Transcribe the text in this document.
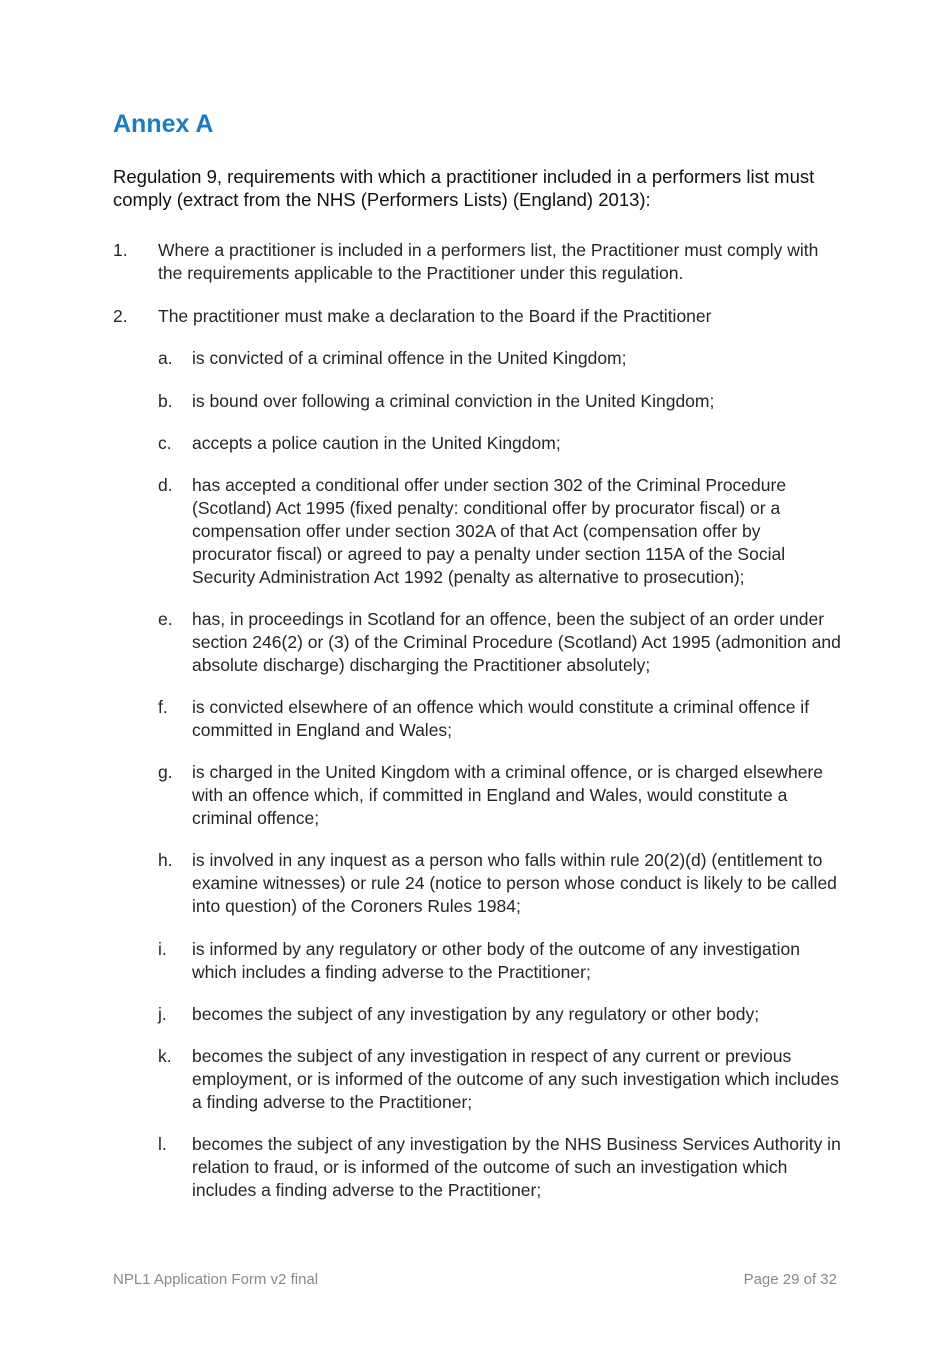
Annex A

Regulation 9, requirements with which a practitioner included in a performers list must comply (extract from the NHS (Performers Lists) (England) 2013):

1. Where a practitioner is included in a performers list, the Practitioner must comply with the requirements applicable to the Practitioner under this regulation.
2. The practitioner must make a declaration to the Board if the Practitioner
a. is convicted of a criminal offence in the United Kingdom;
b. is bound over following a criminal conviction in the United Kingdom;
c. accepts a police caution in the United Kingdom;
d. has accepted a conditional offer under section 302 of the Criminal Procedure (Scotland) Act 1995 (fixed penalty: conditional offer by procurator fiscal) or a compensation offer under section 302A of that Act (compensation offer by procurator fiscal) or agreed to pay a penalty under section 115A of the Social Security Administration Act 1992 (penalty as alternative to prosecution);
e. has, in proceedings in Scotland for an offence, been the subject of an order under section 246(2) or (3) of the Criminal Procedure (Scotland) Act 1995 (admonition and absolute discharge) discharging the Practitioner absolutely;
f. is convicted elsewhere of an offence which would constitute a criminal offence if committed in England and Wales;
g. is charged in the United Kingdom with a criminal offence, or is charged elsewhere with an offence which, if committed in England and Wales, would constitute a criminal offence;
h. is involved in any inquest as a person who falls within rule 20(2)(d) (entitlement to examine witnesses) or rule 24 (notice to person whose conduct is likely to be called into question) of the Coroners Rules 1984;
i. is informed by any regulatory or other body of the outcome of any investigation which includes a finding adverse to the Practitioner;
j. becomes the subject of any investigation by any regulatory or other body;
k. becomes the subject of any investigation in respect of any current or previous employment, or is informed of the outcome of any such investigation which includes a finding adverse to the Practitioner;
l. becomes the subject of any investigation by the NHS Business Services Authority in relation to fraud, or is informed of the outcome of such an investigation which includes a finding adverse to the Practitioner;
NPL1 Application Form v2 final	Page 29 of 32
